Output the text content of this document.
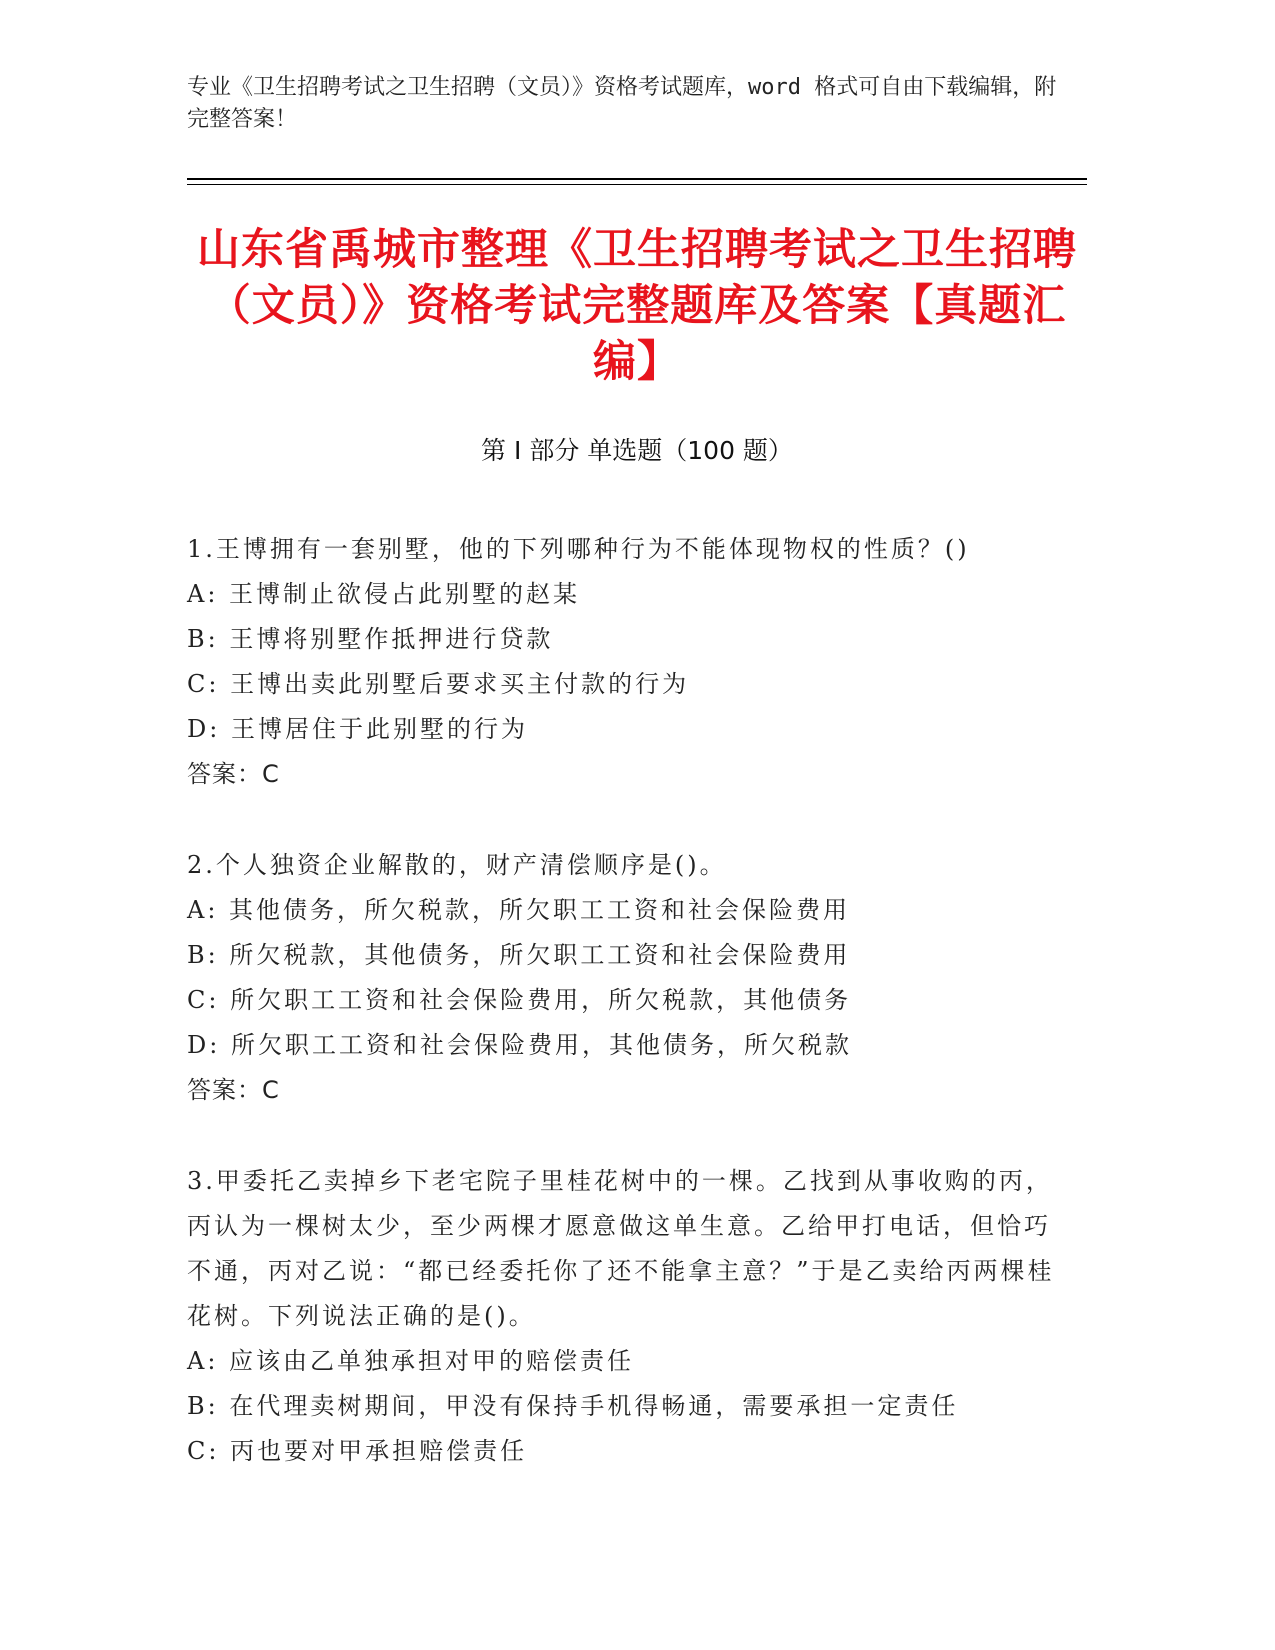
专业《卫生招聘考试之卫生招聘（文员）》资格考试题库，word 格式可自由下载编辑，附完整答案！
山东省禹城市整理《卫生招聘考试之卫生招聘（文员）》资格考试完整题库及答案【真题汇编】
第 I 部分 单选题（100 题）
1.王博拥有一套别墅，他的下列哪种行为不能体现物权的性质？()
A: 王博制止欲侵占此别墅的赵某
B: 王博将别墅作抵押进行贷款
C: 王博出卖此别墅后要求买主付款的行为
D: 王博居住于此别墅的行为
答案：C
2.个人独资企业解散的，财产清偿顺序是()。
A: 其他债务，所欠税款，所欠职工工资和社会保险费用
B: 所欠税款，其他债务，所欠职工工资和社会保险费用
C: 所欠职工工资和社会保险费用，所欠税款，其他债务
D: 所欠职工工资和社会保险费用，其他债务，所欠税款
答案：C
3.甲委托乙卖掉乡下老宅院子里桂花树中的一棵。乙找到从事收购的丙，丙认为一棵树太少，至少两棵才愿意做这单生意。乙给甲打电话，但恰巧不通，丙对乙说：“都已经委托你了还不能拿主意？”于是乙卖给丙两棵桂花树。下列说法正确的是()。
A: 应该由乙单独承担对甲的赔偿责任
B: 在代理卖树期间，甲没有保持手机得畅通，需要承担一定责任
C: 丙也要对甲承担赔偿责任
